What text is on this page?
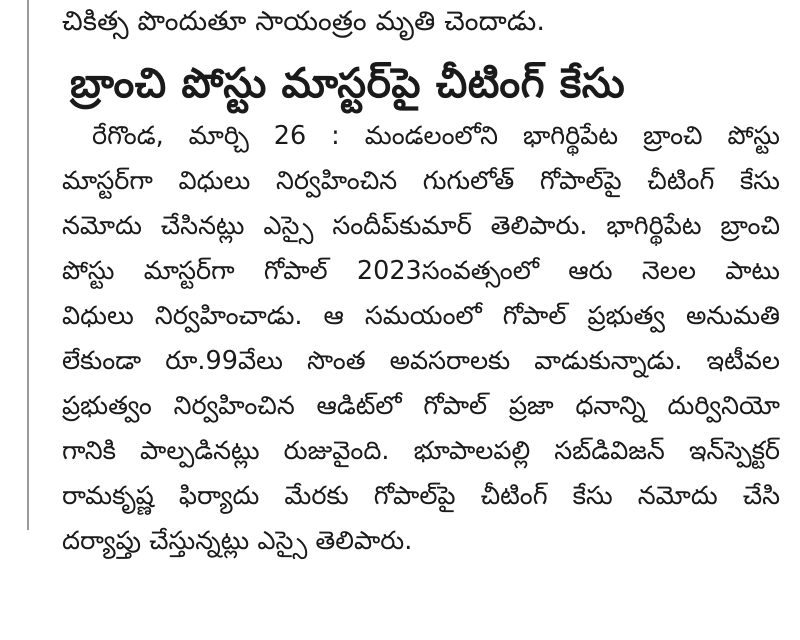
చికిత్స పొందుతూ సాయంత్రం మృతి చెందాడు.
బ్రాంచి పోస్టు మాస్టర్‌పై చీటింగ్ కేసు
రేగొండ, మార్చి 26 : మండలంలోని భాగిర్థిపేట బ్రాంచి పోస్టు
మాస్టర్‌గా విధులు నిర్వహించిన గుగులోత్ గోపాల్‌పై చీటింగ్ కేసు
నమోదు చేసినట్లు ఎస్సై సందీప్‌కుమార్ తెలిపారు. భాగిర్థిపేట బ్రాంచి
పోస్టు మాస్టర్‌గా గోపాల్ 2023సంవత్సంలో ఆరు నెలల పాటు
విధులు నిర్వహించాడు. ఆ సమయంలో గోపాల్ ప్రభుత్వ అనుమతి
లేకుండా రూ.99వేలు సొంత అవసరాలకు వాడుకున్నాడు. ఇటీవల
ప్రభుత్వం నిర్వహించిన ఆడిట్‌లో గోపాల్ ప్రజా ధనాన్ని దుర్వినియో
గానికి పాల్పడినట్లు రుజువైంది. భూపాలపల్లి సబ్‌డివిజన్ ఇన్‌స్పెక్టర్
రామకృష్ణ ఫిర్యాదు మేరకు గోపాల్‌పై చీటింగ్ కేసు నమోదు చేసి
దర్యాప్తు చేస్తున్నట్లు ఎస్సై తెలిపారు.
